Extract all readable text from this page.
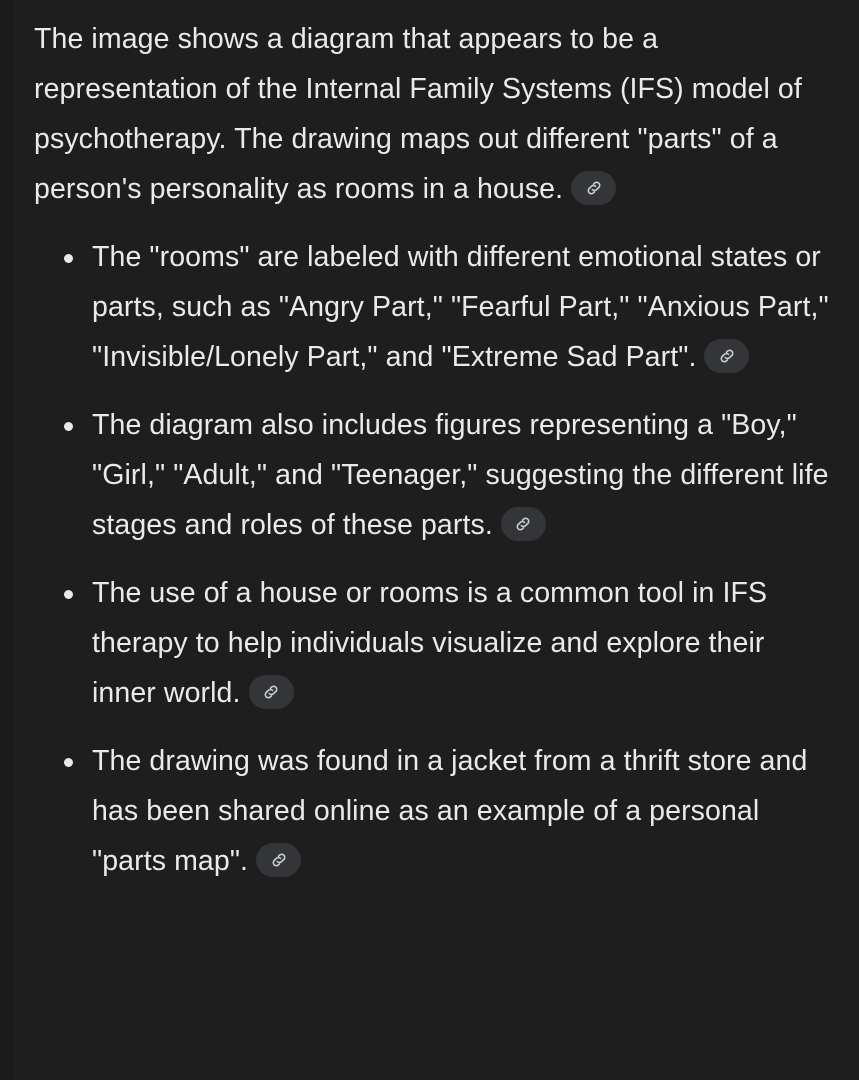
The image shows a diagram that appears to be a representation of the Internal Family Systems (IFS) model of psychotherapy. The drawing maps out different "parts" of a person's personality as rooms in a house.

The "rooms" are labeled with different emotional states or parts, such as "Angry Part," "Fearful Part," "Anxious Part," "Invisible/Lonely Part," and "Extreme Sad Part".
The diagram also includes figures representing a "Boy," "Girl," "Adult," and "Teenager," suggesting the different life stages and roles of these parts.
The use of a house or rooms is a common tool in IFS therapy to help individuals visualize and explore their inner world.
The drawing was found in a jacket from a thrift store and has been shared online as an example of a personal "parts map".
